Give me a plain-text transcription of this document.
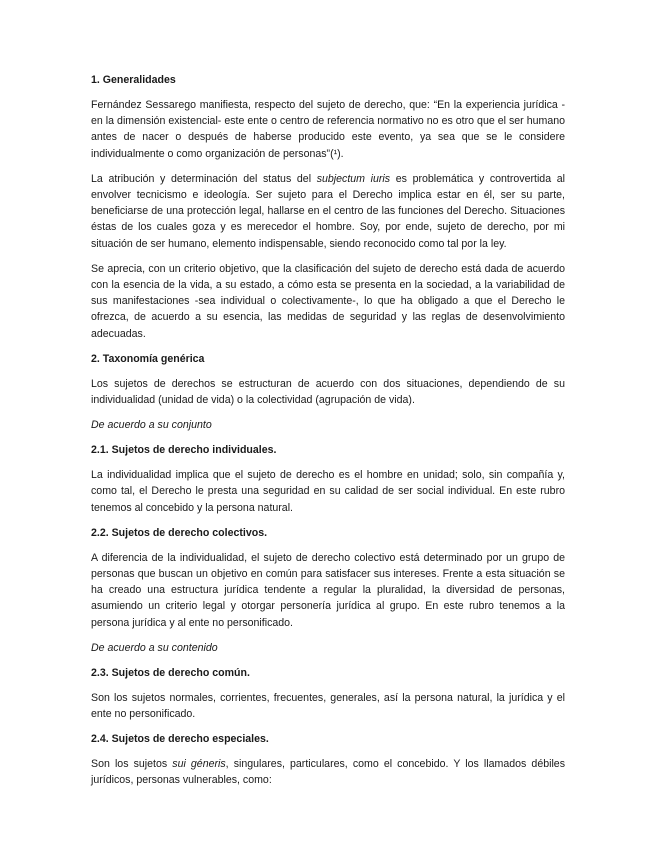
1. Generalidades

Fernández Sessarego manifiesta, respecto del sujeto de derecho, que: “En la experiencia jurídica - en la dimensión existencial- este ente o centro de referencia normativo no es otro que el ser humano antes de nacer o después de haberse producido este evento, ya sea que se le considere individualmente o como organización de personas”(¹).

La atribución y determinación del status del subjectum iuris es problemática y controvertida al envolver tecnicismo e ideología. Ser sujeto para el Derecho implica estar en él, ser su parte, beneficiarse de una protección legal, hallarse en el centro de las funciones del Derecho. Situaciones éstas de los cuales goza y es merecedor el hombre. Soy, por ende, sujeto de derecho, por mi situación de ser humano, elemento indispensable, siendo reconocido como tal por la ley.

Se aprecia, con un criterio objetivo, que la clasificación del sujeto de derecho está dada de acuerdo con la esencia de la vida, a su estado, a cómo esta se presenta en la sociedad, a la variabilidad de sus manifestaciones -sea individual o colectivamente-, lo que ha obligado a que el Derecho le ofrezca, de acuerdo a su esencia, las medidas de seguridad y las reglas de desenvolvimiento adecuadas.

2. Taxonomía genérica

Los sujetos de derechos se estructuran de acuerdo con dos situaciones, dependiendo de su individualidad (unidad de vida) o la colectividad (agrupación de vida).

De acuerdo a su conjunto
2.1. Sujetos de derecho individuales.

La individualidad implica que el sujeto de derecho es el hombre en unidad; solo, sin compañía y, como tal, el Derecho le presta una seguridad en su calidad de ser social individual. En este rubro tenemos al concebido y la persona natural.

2.2. Sujetos de derecho colectivos.

A diferencia de la individualidad, el sujeto de derecho colectivo está determinado por un grupo de personas que buscan un objetivo en común para satisfacer sus intereses. Frente a esta situación se ha creado una estructura jurídica tendente a regular la pluralidad, la diversidad de personas, asumiendo un criterio legal y otorgar personería jurídica al grupo. En este rubro tenemos a la persona jurídica y al ente no personificado.

De acuerdo a su contenido
2.3. Sujetos de derecho común.

Son los sujetos normales, corrientes, frecuentes, generales, así la persona natural, la jurídica y el ente no personificado.

2.4. Sujetos de derecho especiales.

Son los sujetos sui géneris, singulares, particulares, como el concebido. Y los llamados débiles jurídicos, personas vulnerables, como:
